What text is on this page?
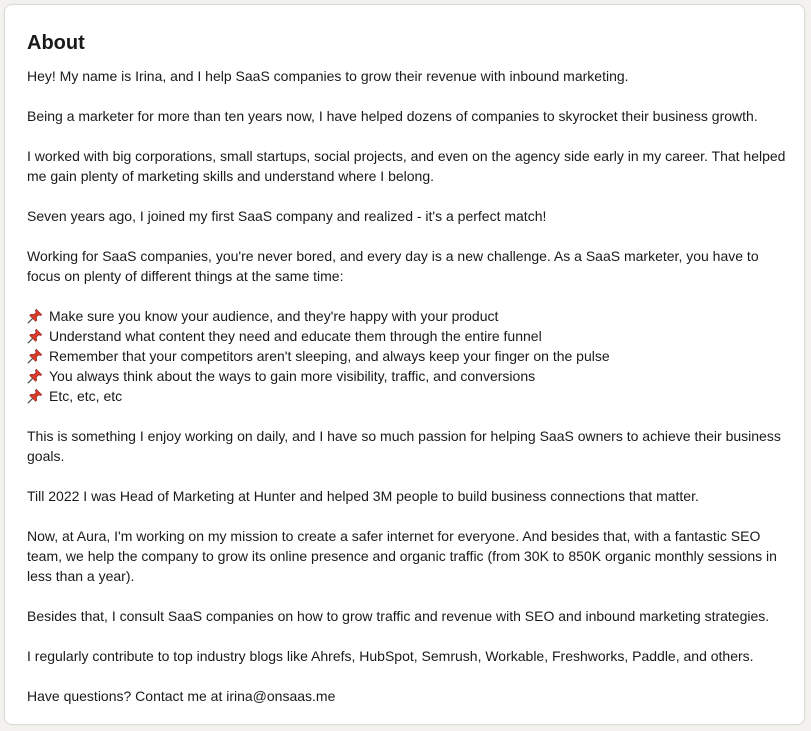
About

Hey! My name is Irina, and I help SaaS companies to grow their revenue with inbound marketing.

Being a marketer for more than ten years now, I have helped dozens of companies to skyrocket their business growth.

I worked with big corporations, small startups, social projects, and even on the agency side early in my career. That helped me gain plenty of marketing skills and understand where I belong.

Seven years ago, I joined my first SaaS company and realized - it's a perfect match!

Working for SaaS companies, you're never bored, and every day is a new challenge. As a SaaS marketer, you have to focus on plenty of different things at the same time:

Make sure you know your audience, and they're happy with your product
Understand what content they need and educate them through the entire funnel
Remember that your competitors aren't sleeping, and always keep your finger on the pulse
You always think about the ways to gain more visibility, traffic, and conversions
Etc, etc, etc

This is something I enjoy working on daily, and I have so much passion for helping SaaS owners to achieve their business goals.

Till 2022 I was Head of Marketing at Hunter and helped 3M people to build business connections that matter.

Now, at Aura, I'm working on my mission to create a safer internet for everyone. And besides that, with a fantastic SEO team, we help the company to grow its online presence and organic traffic (from 30K to 850K organic monthly sessions in less than a year).

Besides that, I consult SaaS companies on how to grow traffic and revenue with SEO and inbound marketing strategies.

I regularly contribute to top industry blogs like Ahrefs, HubSpot, Semrush, Workable, Freshworks, Paddle, and others.

Have questions? Contact me at irina@onsaas.me
